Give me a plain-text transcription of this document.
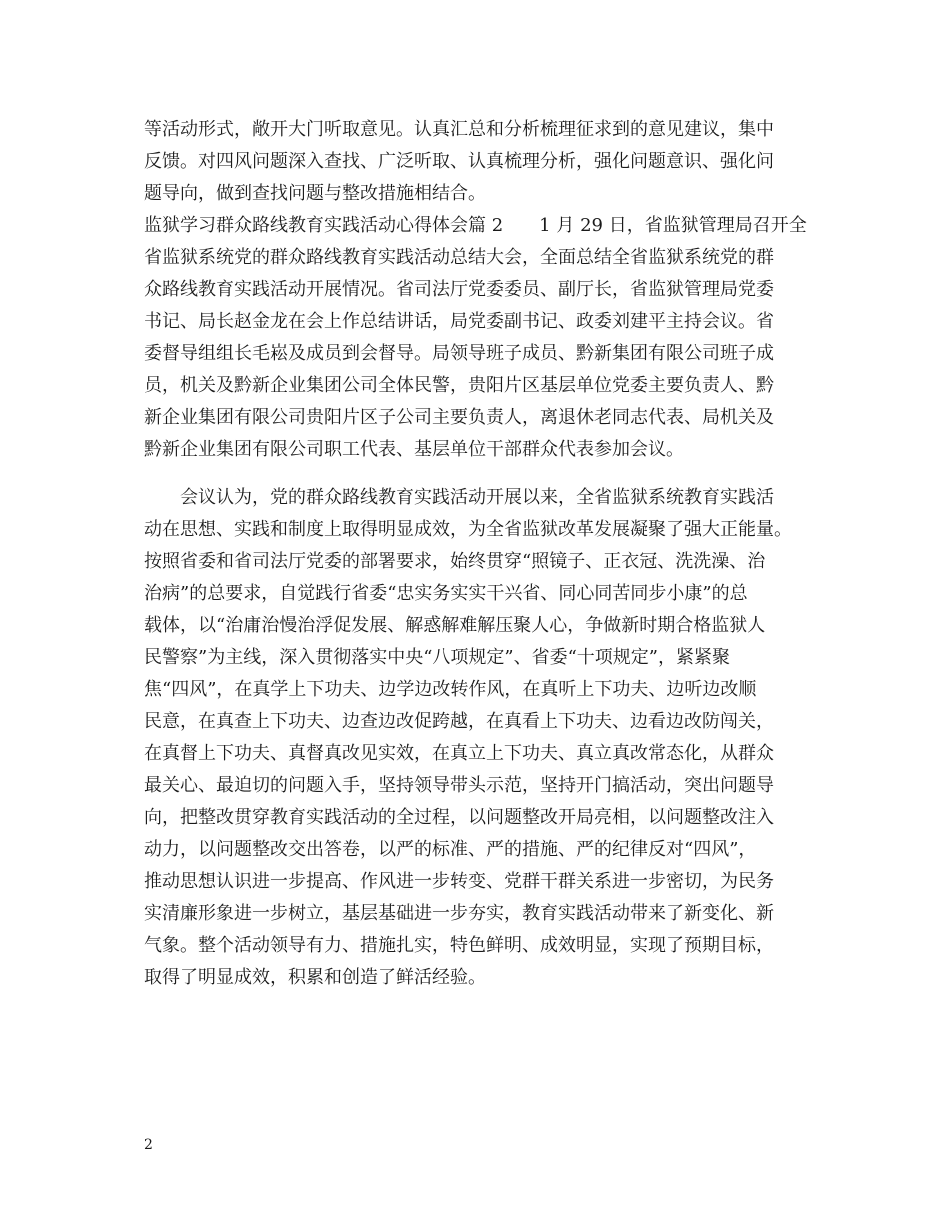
等活动形式，敞开大门听取意见。认真汇总和分析梳理征求到的意见建议，集中
反馈。对四风问题深入查找、广泛听取、认真梳理分析，强化问题意识、强化问
题导向，做到查找问题与整改措施相结合。
监狱学习群众路线教育实践活动心得体会篇 2　　1 月 29 日，省监狱管理局召开全
省监狱系统党的群众路线教育实践活动总结大会，全面总结全省监狱系统党的群
众路线教育实践活动开展情况。省司法厅党委委员、副厅长，省监狱管理局党委
书记、局长赵金龙在会上作总结讲话，局党委副书记、政委刘建平主持会议。省
委督导组组长毛崧及成员到会督导。局领导班子成员、黔新集团有限公司班子成
员，机关及黔新企业集团公司全体民警，贵阳片区基层单位党委主要负责人、黔
新企业集团有限公司贵阳片区子公司主要负责人，离退休老同志代表、局机关及
黔新企业集团有限公司职工代表、基层单位干部群众代表参加会议。
　　会议认为，党的群众路线教育实践活动开展以来，全省监狱系统教育实践活
动在思想、实践和制度上取得明显成效，为全省监狱改革发展凝聚了强大正能量。
按照省委和省司法厅党委的部署要求，始终贯穿“照镜子、正衣冠、洗洗澡、治
治病”的总要求，自觉践行省委“忠实务实实干兴省、同心同苦同步小康”的总
载体，以“治庸治慢治浮促发展、解惑解难解压聚人心，争做新时期合格监狱人
民警察”为主线，深入贯彻落实中央“八项规定”、省委“十项规定”，紧紧聚
焦“四风”，在真学上下功夫、边学边改转作风，在真听上下功夫、边听边改顺
民意，在真查上下功夫、边查边改促跨越，在真看上下功夫、边看边改防闯关，
在真督上下功夫、真督真改见实效，在真立上下功夫、真立真改常态化，从群众
最关心、最迫切的问题入手，坚持领导带头示范，坚持开门搞活动，突出问题导
向，把整改贯穿教育实践活动的全过程，以问题整改开局亮相，以问题整改注入
动力，以问题整改交出答卷，以严的标准、严的措施、严的纪律反对“四风”，
推动思想认识进一步提高、作风进一步转变、党群干群关系进一步密切，为民务
实清廉形象进一步树立，基层基础进一步夯实，教育实践活动带来了新变化、新
气象。整个活动领导有力、措施扎实，特色鲜明、成效明显，实现了预期目标，
取得了明显成效，积累和创造了鲜活经验。
2
